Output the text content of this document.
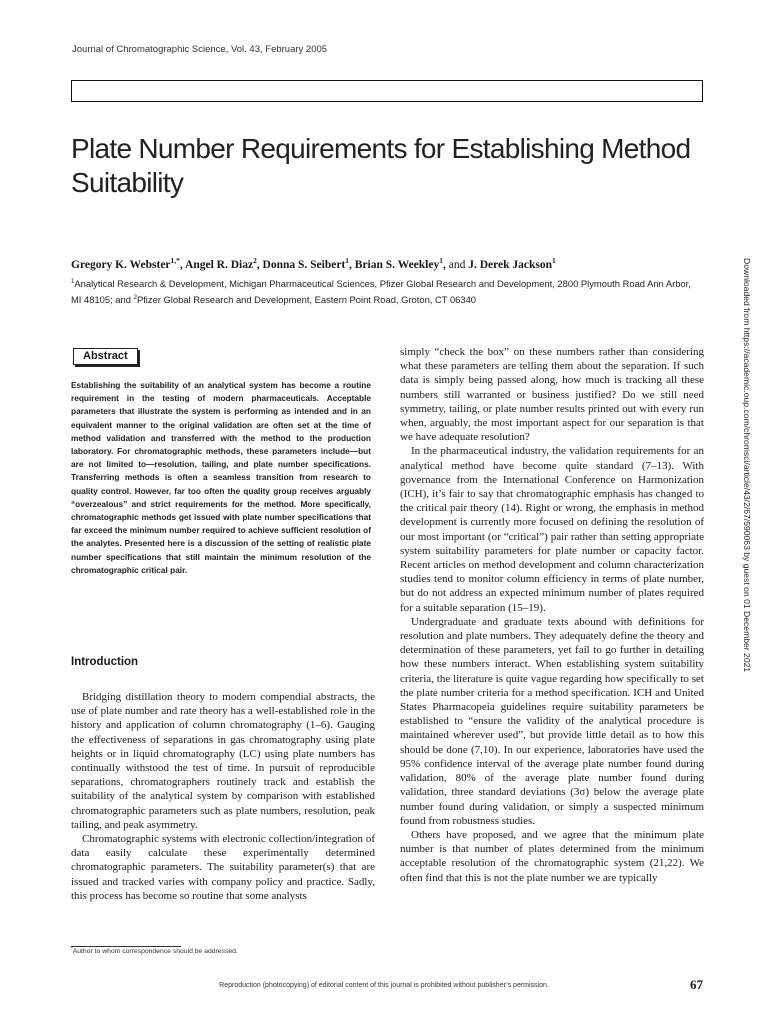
Journal of Chromatographic Science, Vol. 43, February 2005
Plate Number Requirements for Establishing Method Suitability
Gregory K. Webster$^{1,*}$, Angel R. Diaz$^2$, Donna S. Seibert$^1$, Brian S. Weekley$^1$, and J. Derek Jackson$^1$
$^1$Analytical Research & Development, Michigan Pharmaceutical Sciences, Pfizer Global Research and Development, 2800 Plymouth Road Ann Arbor, MI 48105; and $^2$Pfizer Global Research and Development, Eastern Point Road, Groton, CT 06340	Downloaded from https://academic.oup.com/chromsci/article/43/2/67/590063 by guest on 01 December 2021
Abstract

Establishing the suitability of an analytical system has become a routine requirement in the testing of modern pharmaceuticals. Acceptable parameters that illustrate the system is performing as intended and in an equivalent manner to the original validation are often set at the time of method validation and transferred with the method to the production laboratory. For chromatographic methods, these parameters include—but are not limited to—resolution, tailing, and plate number specifications. Transferring methods is often a seamless transition from research to quality control. However, far too often the quality group receives arguably “overzealous” and strict requirements for the method. More specifically, chromatographic methods get issued with plate number specifications that far exceed the minimum number required to achieve sufficient resolution of the analytes. Presented here is a discussion of the setting of realistic plate number specifications that still maintain the minimum resolution of the chromatographic critical pair.

Introduction

Bridging distillation theory to modern compendial abstracts, the use of plate number and rate theory has a well-established role in the history and application of column chromatography (1–6). Gauging the effectiveness of separations in gas chromatography using plate heights or in liquid chromatography (LC) using plate numbers has continually withstood the test of time. In pursuit of reproducible separations, chromatographers routinely track and establish the suitability of the analytical system by comparison with established chromatographic parameters such as plate numbers, resolution, peak tailing, and peak asymmetry.

Chromatographic systems with electronic collection/integration of data easily calculate these experimentally determined chromatographic parameters. The suitability parameter(s) that are issued and tracked varies with company policy and practice. Sadly, this process has become so routine that some analysts

simply “check the box” on these numbers rather than considering what these parameters are telling them about the separation. If such data is simply being passed along, how much is tracking all these numbers still warranted or business justified? Do we still need symmetry, tailing, or plate number results printed out with every run when, arguably, the most important aspect for our separation is that we have adequate resolution?

In the pharmaceutical industry, the validation requirements for an analytical method have become quite standard (7–13). With governance from the International Conference on Harmonization (ICH), it’s fair to say that chromatographic emphasis has changed to the critical pair theory (14). Right or wrong, the emphasis in method development is currently more focused on defining the resolution of our most important (or “critical”) pair rather than setting appropriate system suitability parameters for plate number or capacity factor. Recent articles on method development and column characterization studies tend to monitor column efficiency in terms of plate number, but do not address an expected minimum number of plates required for a suitable separation (15–19).

Undergraduate and graduate texts abound with definitions for resolution and plate numbers. They adequately define the theory and determination of these parameters, yet fail to go further in detailing how these numbers interact. When establishing system suitability criteria, the literature is quite vague regarding how specifically to set the plate number criteria for a method specification. ICH and United States Pharmacopeia guidelines require suitability parameters be established to “ensure the validity of the analytical procedure is maintained wherever used”, but provide little detail as to how this should be done (7,10). In our experience, laboratories have used the 95% confidence interval of the average plate number found during validation, 80% of the average plate number found during validation, three standard deviations (3σ) below the average plate number found during validation, or simply a suspected minimum found from robustness studies.

Others have proposed, and we agree that the minimum plate number is that number of plates determined from the minimum acceptable resolution of the chromatographic system (21,22). We often find that this is not the plate number we are typically

*Author to whom correspondence should be addressed.
Reproduction (photocopying) of editorial content of this journal is prohibited without publisher’s permission.	67
